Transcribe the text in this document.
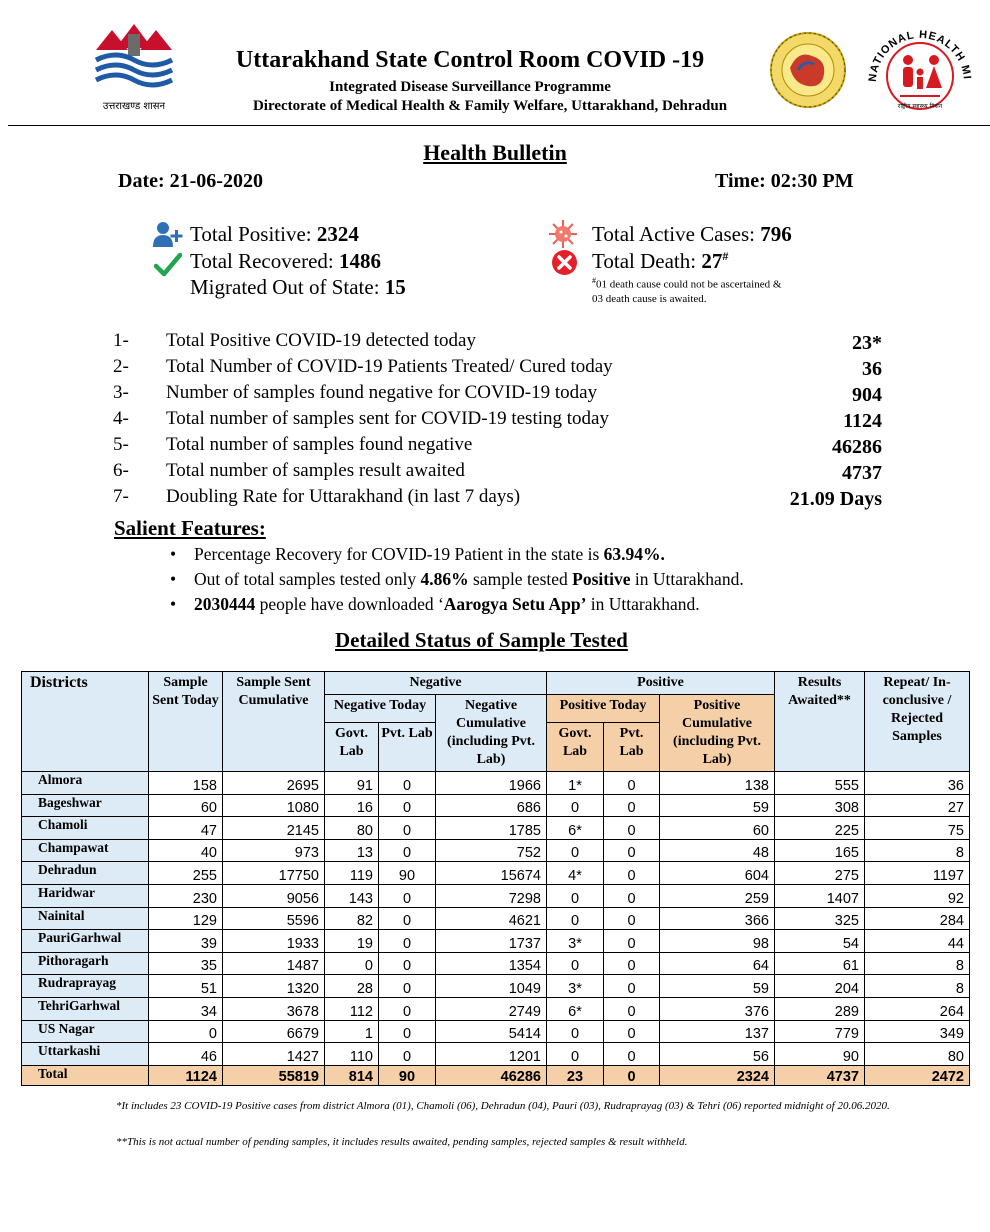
उत्तराखण्ड शासन
Uttarakhand State Control Room COVID -19
Integrated Disease Surveillance Programme
Directorate of Medical Health & Family Welfare, Uttarakhand, Dehradun
NATIONAL HEALTH MI
राष्ट्रीय स्वास्थ्य मिशन
Health Bulletin
Date: 21-06-2020	Time: 02:30 PM
Total Positive: 2324
Total Recovered: 1486
Migrated Out of State: 15
Total Active Cases: 796
Total Death: 27#
#01 death cause could not be ascertained &
03 death cause is awaited.
1- Total Positive COVID-19 detected today	23*
2- Total Number of COVID-19 Patients Treated/ Cured today	36
3- Number of samples found negative for COVID-19 today	904
4- Total number of samples sent for COVID-19 testing today	1124
5- Total number of samples found negative	46286
6- Total number of samples result awaited	4737
7- Doubling Rate for Uttarakhand (in last 7 days)	21.09 Days
Salient Features:
• Percentage Recovery for COVID-19 Patient in the state is 63.94%.
• Out of total samples tested only 4.86% sample tested Positive in Uttarakhand.
• 2030444 people have downloaded ‘Aarogya Setu App’ in Uttarakhand.
Detailed Status of Sample Tested
Districts	Sample Sent Today	Sample Sent Cumulative	Negative			Positive			Results Awaited**	Repeat/ In- conclusive / Rejected Samples
			Negative Today		Negative Cumulative (including Pvt. Lab)	Positive Today		Positive Cumulative (including Pvt. Lab)		
			Govt. Lab	Pvt. Lab		Govt. Lab	Pvt. Lab			
Almora	158	2695	91	0	1966	1*	0	138	555	36
Bageshwar	60	1080	16	0	686	0	0	59	308	27
Chamoli	47	2145	80	0	1785	6*	0	60	225	75
Champawat	40	973	13	0	752	0	0	48	165	8
Dehradun	255	17750	119	90	15674	4*	0	604	275	1197
Haridwar	230	9056	143	0	7298	0	0	259	1407	92
Nainital	129	5596	82	0	4621	0	0	366	325	284
PauriGarhwal	39	1933	19	0	1737	3*	0	98	54	44
Pithoragarh	35	1487	0	0	1354	0	0	64	61	8
Rudraprayag	51	1320	28	0	1049	3*	0	59	204	8
TehriGarhwal	34	3678	112	0	2749	6*	0	376	289	264
US Nagar	0	6679	1	0	5414	0	0	137	779	349
Uttarkashi	46	1427	110	0	1201	0	0	56	90	80
Total	1124	55819	814	90	46286	23	0	2324	4737	2472
*It includes 23 COVID-19 Positive cases from district Almora (01), Chamoli (06), Dehradun (04), Pauri (03), Rudraprayag (03) & Tehri (06) reported midnight of 20.06.2020.
**This is not actual number of pending samples, it includes results awaited, pending samples, rejected samples & result withheld.
